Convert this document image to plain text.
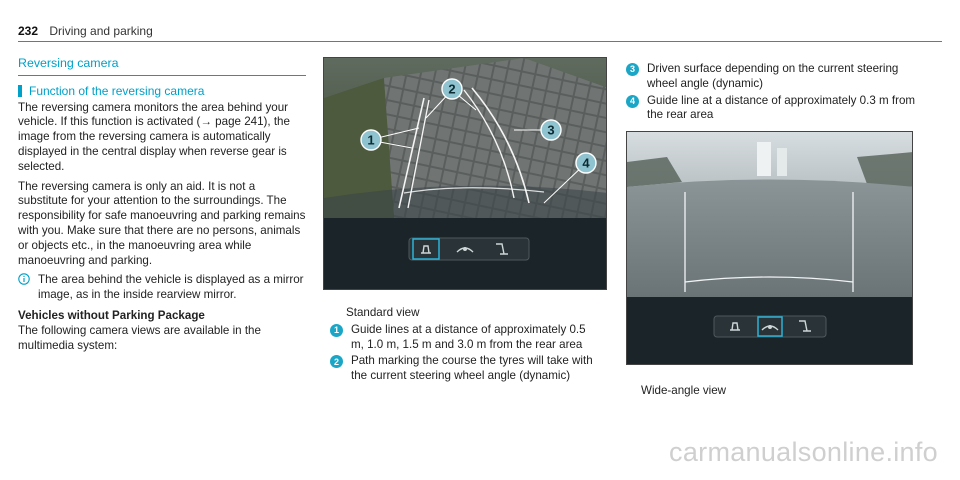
232 Driving and parking
Reversing camera
Function of the reversing camera

The reversing camera monitors the area behind your vehicle. If this function is activated (→ page 241), the image from the reversing camera is automatically displayed in the central display when reverse gear is selected.

The reversing camera is only an aid. It is not a substitute for your attention to the surroundings. The responsibility for safe manoeuvring and parking remains with you. Make sure that there are no persons, animals or objects etc., in the manoeuvring area while manoeuvring and parking.

The area behind the vehicle is displayed as a mirror image, as in the inside rearview mirror.
Vehicles without Parking Package

The following camera views are available in the multimedia system:

1
2
3
4
Standard view
1	Guide lines at a distance of approximately 0.5 m, 1.0 m, 1.5 m and 3.0 m from the rear area
2	Path marking the course the tyres will take with the current steering wheel angle (dynamic)
3	Driven surface depending on the current steering wheel angle (dynamic)
4	Guide line at a distance of approximately 0.3 m from the rear area
Wide-angle view
carmanualsonline.info
